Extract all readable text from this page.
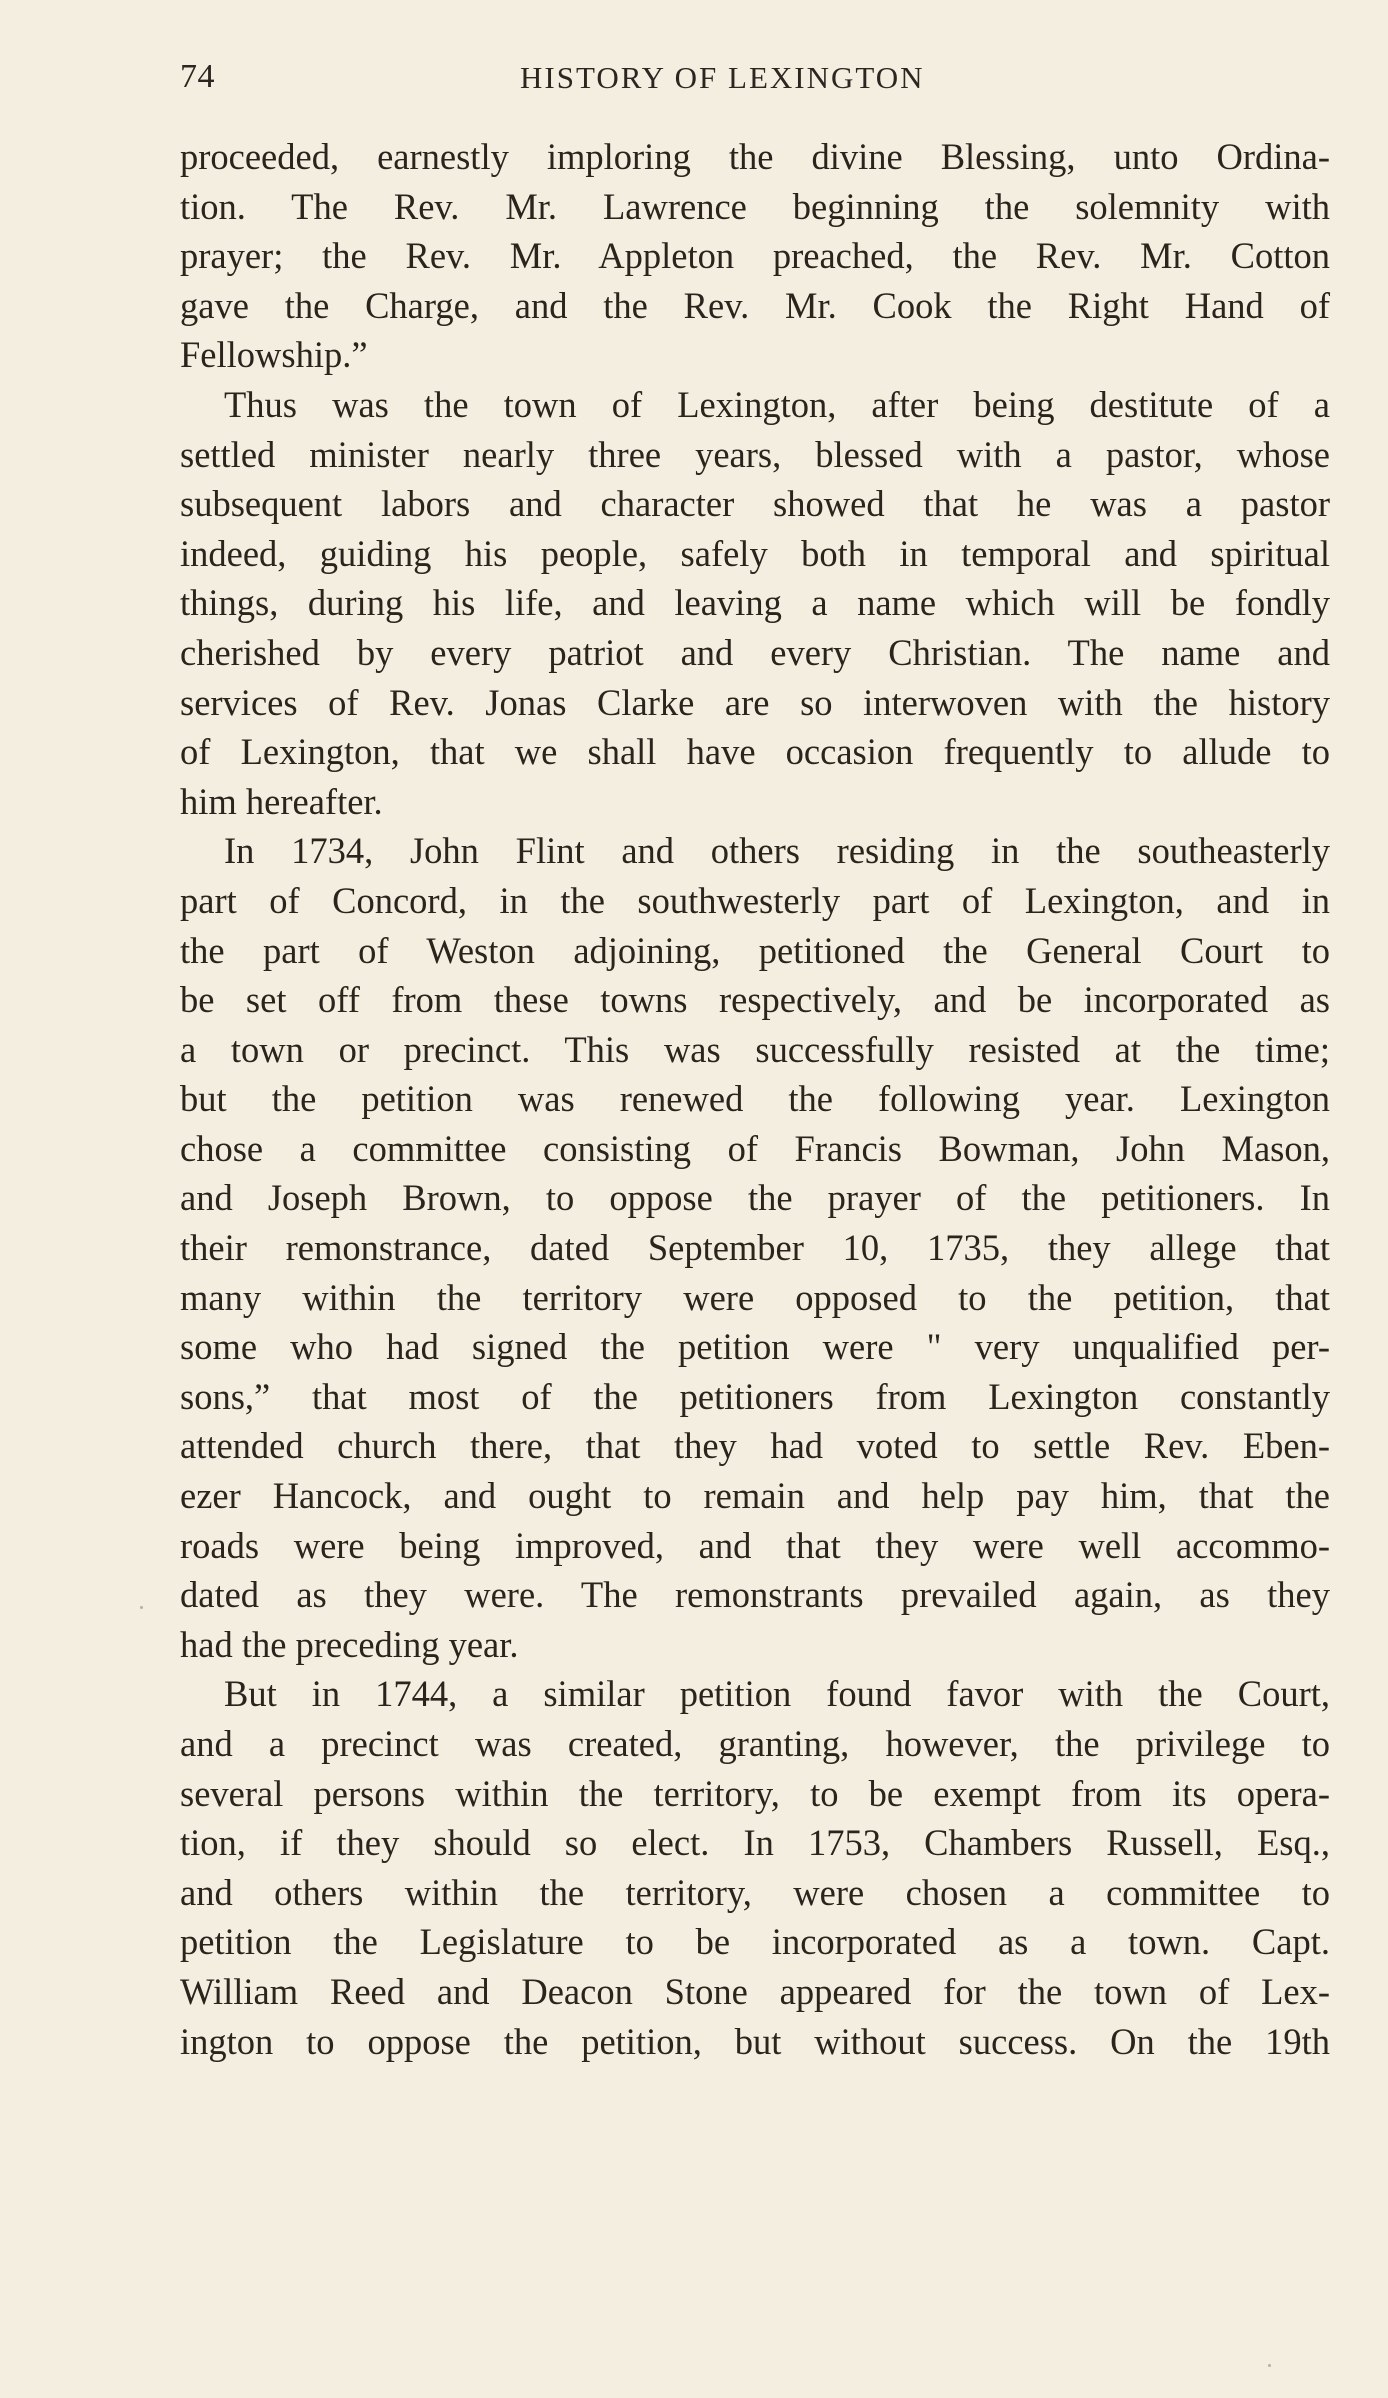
74	HISTORY OF LEXINGTON
proceeded, earnestly imploring the divine Blessing, unto Ordina-
tion. The Rev. Mr. Lawrence beginning the solemnity with
prayer; the Rev. Mr. Appleton preached, the Rev. Mr. Cotton
gave the Charge, and the Rev. Mr. Cook the Right Hand of
Fellowship.”
Thus was the town of Lexington, after being destitute of a
settled minister nearly three years, blessed with a pastor, whose
subsequent labors and character showed that he was a pastor
indeed, guiding his people, safely both in temporal and spiritual
things, during his life, and leaving a name which will be fondly
cherished by every patriot and every Christian. The name and
services of Rev. Jonas Clarke are so interwoven with the history
of Lexington, that we shall have occasion frequently to allude to
him hereafter.
In 1734, John Flint and others residing in the southeasterly
part of Concord, in the southwesterly part of Lexington, and in
the part of Weston adjoining, petitioned the General Court to
be set off from these towns respectively, and be incorporated as
a town or precinct. This was successfully resisted at the time;
but the petition was renewed the following year. Lexington
chose a committee consisting of Francis Bowman, John Mason,
and Joseph Brown, to oppose the prayer of the petitioners. In
their remonstrance, dated September 10, 1735, they allege that
many within the territory were opposed to the petition, that
some who had signed the petition were " very unqualified per-
sons,” that most of the petitioners from Lexington constantly
attended church there, that they had voted to settle Rev. Eben-
ezer Hancock, and ought to remain and help pay him, that the
roads were being improved, and that they were well accommo-
dated as they were. The remonstrants prevailed again, as they
had the preceding year.
But in 1744, a similar petition found favor with the Court,
and a precinct was created, granting, however, the privilege to
several persons within the territory, to be exempt from its opera-
tion, if they should so elect. In 1753, Chambers Russell, Esq.,
and others within the territory, were chosen a committee to
petition the Legislature to be incorporated as a town. Capt.
William Reed and Deacon Stone appeared for the town of Lex-
ington to oppose the petition, but without success. On the 19th
